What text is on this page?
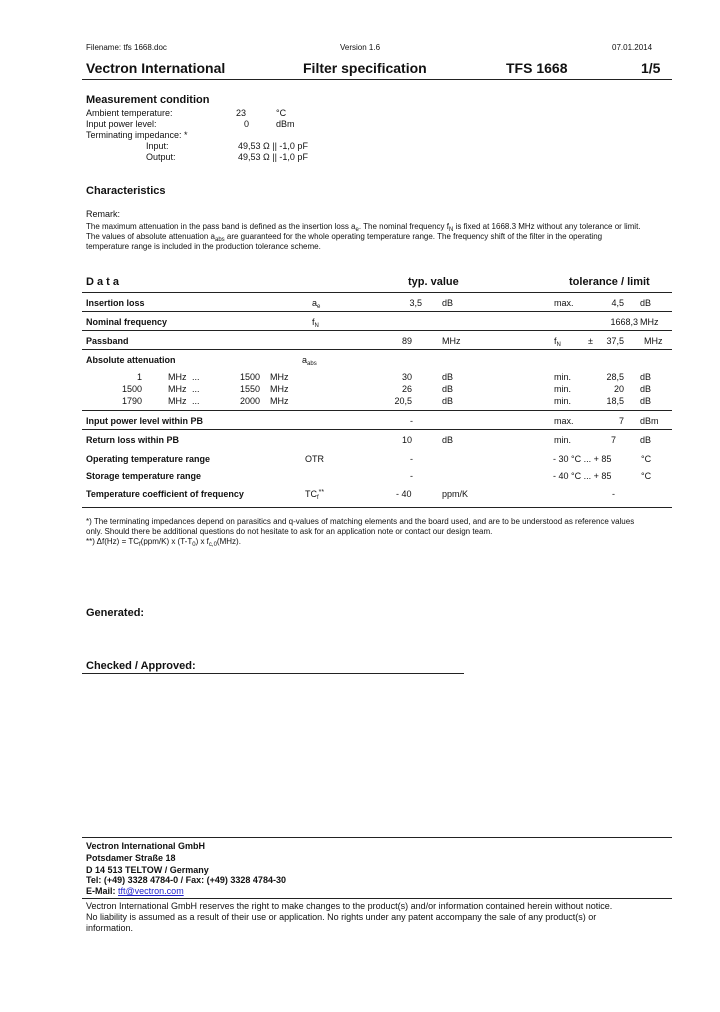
Filename: tfs 1668.doc	Version 1.6	07.01.2014
Vectron International	Filter specification	TFS 1668	1/5
Measurement condition
Ambient temperature:	23	°C
Input power level:	0	dBm
Terminating impedance: *
Input:	49,53 Ω || -1,0 pF
Output:	49,53 Ω || -1,0 pF
Characteristics
Remark:
The maximum attenuation in the pass band is defined as the insertion loss $a_e$. The nominal frequency $f_N$ is fixed at 1668.3 MHz without any tolerance or limit.
The values of absolute attenuation $a_{abs}$ are guaranteed for the whole operating temperature range. The frequency shift of the filter in the operating
temperature range is included in the production tolerance scheme.
D a t a	typ. value	tolerance / limit
Insertion loss	$a_e$	3,5 dB	max.	4,5 dB
Nominal frequency	$f_N$	1668,3 MHz
Passband	89	MHz	$f_N$	±	37,5 MHz
Absolute attenuation	$a_{abs}$
1	MHz ...	1500 MHz	30	dB	min.	28,5 dB
1500	MHz ...	1550 MHz	26	dB	min.	20 dB
1790	MHz ...	2000 MHz	20,5	dB	min.	18,5 dB
Input power level within PB	-	max.	7 dBm
Return loss within PB	10	dB	min.	7	dB
Operating temperature range	OTR	-	- 30 °C ... + 85	°C
Storage temperature range	-	- 40 °C ... + 85	°C
Temperature coefficient of frequency	$TC_f^{**}$	- 40	ppm/K	-
*) The terminating impedances depend on parasitics and q-values of matching elements and the board used, and are to be understood as reference values
only. Should there be additional questions do not hesitate to ask for an application note or contact our design team.
**) $\Delta f(Hz) = TC_f(ppm/K)$ x $(T-T_0)$ x $f_{c,0}(MHz)$.
Generated:
Checked / Approved:
Vectron International GmbH
Potsdamer Straße 18
D 14 513 TELTOW / Germany
Tel: (+49) 3328 4784-0 / Fax: (+49) 3328 4784-30
E-Mail: tft@vectron.com
Vectron International GmbH reserves the right to make changes to the product(s) and/or information contained herein without notice.
No liability is assumed as a result of their use or application. No rights under any patent accompany the sale of any product(s) or
information.
